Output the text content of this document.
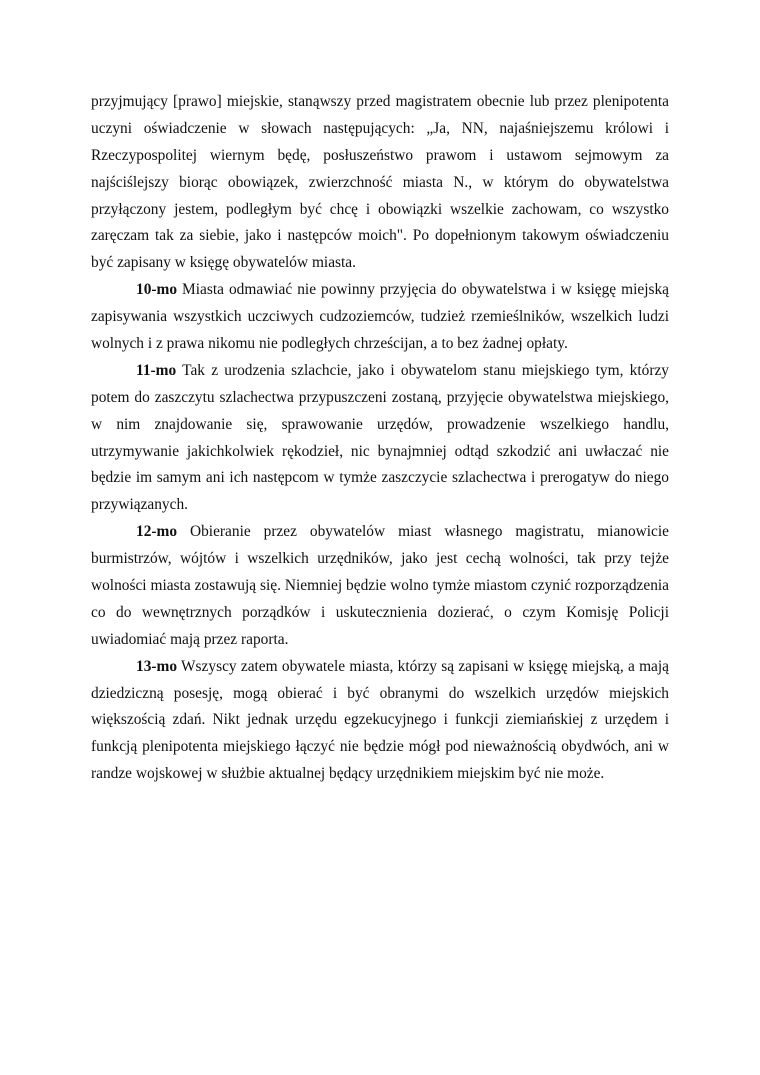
przyjmujący [prawo] miejskie, stanąwszy przed magistratem obecnie lub przez plenipotenta
uczyni oświadczenie w słowach następujących: „Ja, NN, najaśniejszemu królowi i
Rzeczypospolitej wiernym będę, posłuszeństwo prawom i ustawom sejmowym za
najściślejszy biorąc obowiązek, zwierzchność miasta N., w którym do obywatelstwa
przyłączony jestem, podległym być chcę i obowiązki wszelkie zachowam, co wszystko
zaręczam tak za siebie, jako i następców moich". Po dopełnionym takowym oświadczeniu
być zapisany w księgę obywatelów miasta.
10-mo Miasta odmawiać nie powinny przyjęcia do obywatelstwa i w księgę miejską
zapisywania wszystkich uczciwych cudzoziemców, tudzież rzemieślników, wszelkich ludzi
wolnych i z prawa nikomu nie podległych chrześcijan, a to bez żadnej opłaty.
11-mo Tak z urodzenia szlachcie, jako i obywatelom stanu miejskiego tym, którzy
potem do zaszczytu szlachectwa przypuszczeni zostaną, przyjęcie obywatelstwa miejskiego,
w nim znajdowanie się, sprawowanie urzędów, prowadzenie wszelkiego handlu,
utrzymywanie jakichkolwiek rękodzieł, nic bynajmniej odtąd szkodzić ani uwłaczać nie
będzie im samym ani ich następcom w tymże zaszczycie szlachectwa i prerogatyw do niego
przywiązanych.
12-mo Obieranie przez obywatelów miast własnego magistratu, mianowicie
burmistrzów, wójtów i wszelkich urzędników, jako jest cechą wolności, tak przy tejże
wolności miasta zostawują się. Niemniej będzie wolno tymże miastom czynić rozporządzenia
co do wewnętrznych porządków i uskutecznienia dozierać, o czym Komisję Policji
uwiadomiać mają przez raporta.
13-mo Wszyscy zatem obywatele miasta, którzy są zapisani w księgę miejską, a mają
dziedziczną posesję, mogą obierać i być obranymi do wszelkich urzędów miejskich
większością zdań. Nikt jednak urzędu egzekucyjnego i funkcji ziemiańskiej z urzędem i
funkcją plenipotenta miejskiego łączyć nie będzie mógł pod nieważnością obydwóch, ani w
randze wojskowej w służbie aktualnej będący urzędnikiem miejskim być nie może.
